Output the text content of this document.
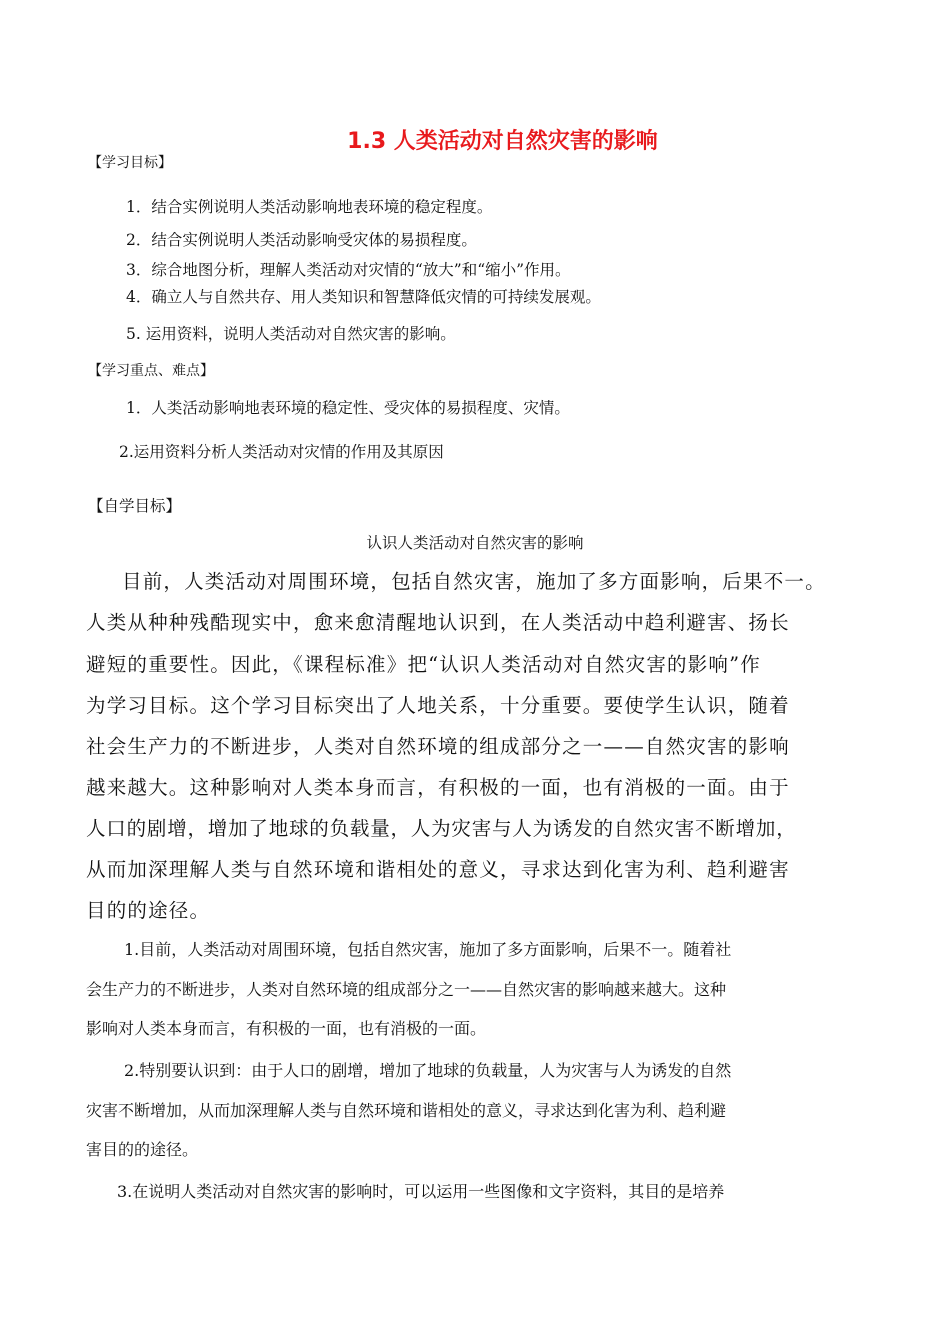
1.3 人类活动对自然灾害的影响
【学习目标】
1．结合实例说明人类活动影响地表环境的稳定程度。
2．结合实例说明人类活动影响受灾体的易损程度。
3．综合地图分析，理解人类活动对灾情的“放大”和“缩小”作用。
4．确立人与自然共存、用人类知识和智慧降低灾情的可持续发展观。
5. 运用资料，说明人类活动对自然灾害的影响。
【学习重点、难点】
1．人类活动影响地表环境的稳定性、受灾体的易损程度、灾情。
2.运用资料分析人类活动对灾情的作用及其原因
【自学目标】
认识人类活动对自然灾害的影响
目前，人类活动对周围环境，包括自然灾害，施加了多方面影响，后果不一。
人类从种种残酷现实中，愈来愈清醒地认识到，在人类活动中趋利避害、扬长
避短的重要性。因此，《课程标准》把“认识人类活动对自然灾害的影响”作
为学习目标。这个学习目标突出了人地关系，十分重要。要使学生认识，随着
社会生产力的不断进步，人类对自然环境的组成部分之一——自然灾害的影响
越来越大。这种影响对人类本身而言，有积极的一面，也有消极的一面。由于
人口的剧增，增加了地球的负载量，人为灾害与人为诱发的自然灾害不断增加，
从而加深理解人类与自然环境和谐相处的意义，寻求达到化害为利、趋利避害
目的的途径。
1.目前，人类活动对周围环境，包括自然灾害，施加了多方面影响，后果不一。随着社
会生产力的不断进步，人类对自然环境的组成部分之一——自然灾害的影响越来越大。这种
影响对人类本身而言，有积极的一面，也有消极的一面。
2.特别要认识到：由于人口的剧增，增加了地球的负载量，人为灾害与人为诱发的自然
灾害不断增加，从而加深理解人类与自然环境和谐相处的意义，寻求达到化害为利、趋利避
害目的的途径。
3.在说明人类活动对自然灾害的影响时，可以运用一些图像和文字资料，其目的是培养
